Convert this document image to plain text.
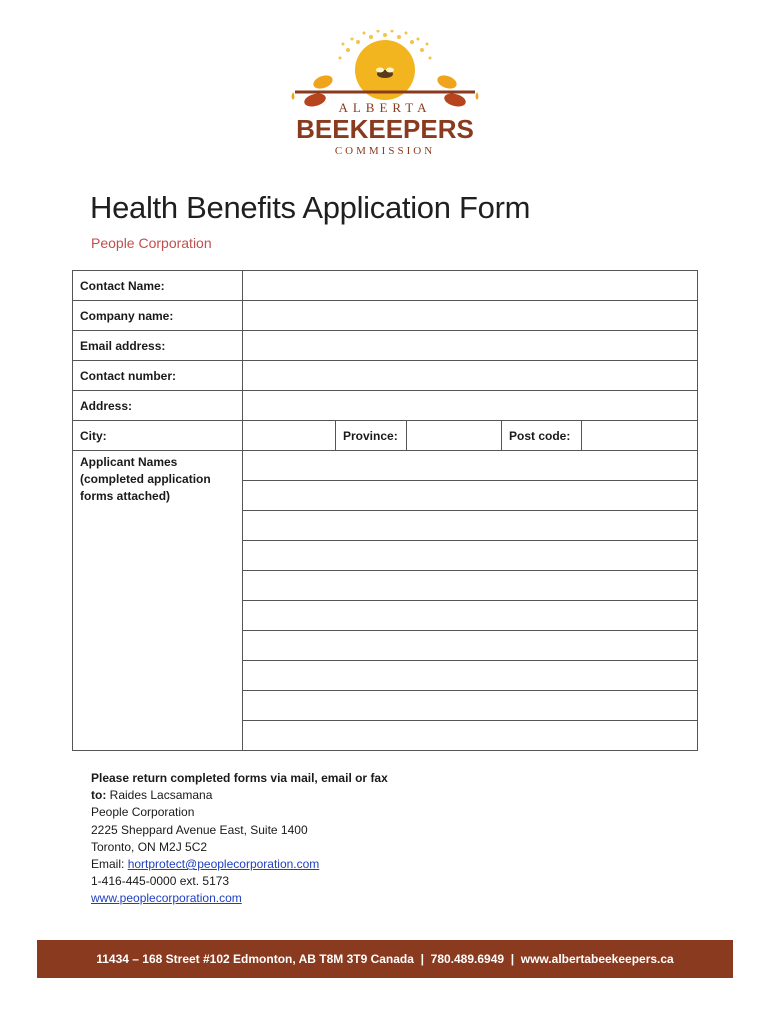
ALBERTA
BEEKEEPERS
COMMISSION
Health Benefits Application Form
People Corporation
Contact Name:					
Company name:					
Email address:					
Contact number:					
Address:					
City:		Province:		Post code:	

Applicant Names
(completed application
forms attached)					

Please return completed forms via mail, email or fax
to: Raides Lacsamana
People Corporation
2225 Sheppard Avenue East, Suite 1400
Toronto, ON M2J 5C2
Email: hortprotect@peoplecorporation.com
1-416-445-0000 ext. 5173
www.peoplecorporation.com
11434 – 168 Street #102 Edmonton, AB T8M 3T9 Canada
|
780.489.6949
|
www.albertabeekeepers.ca
